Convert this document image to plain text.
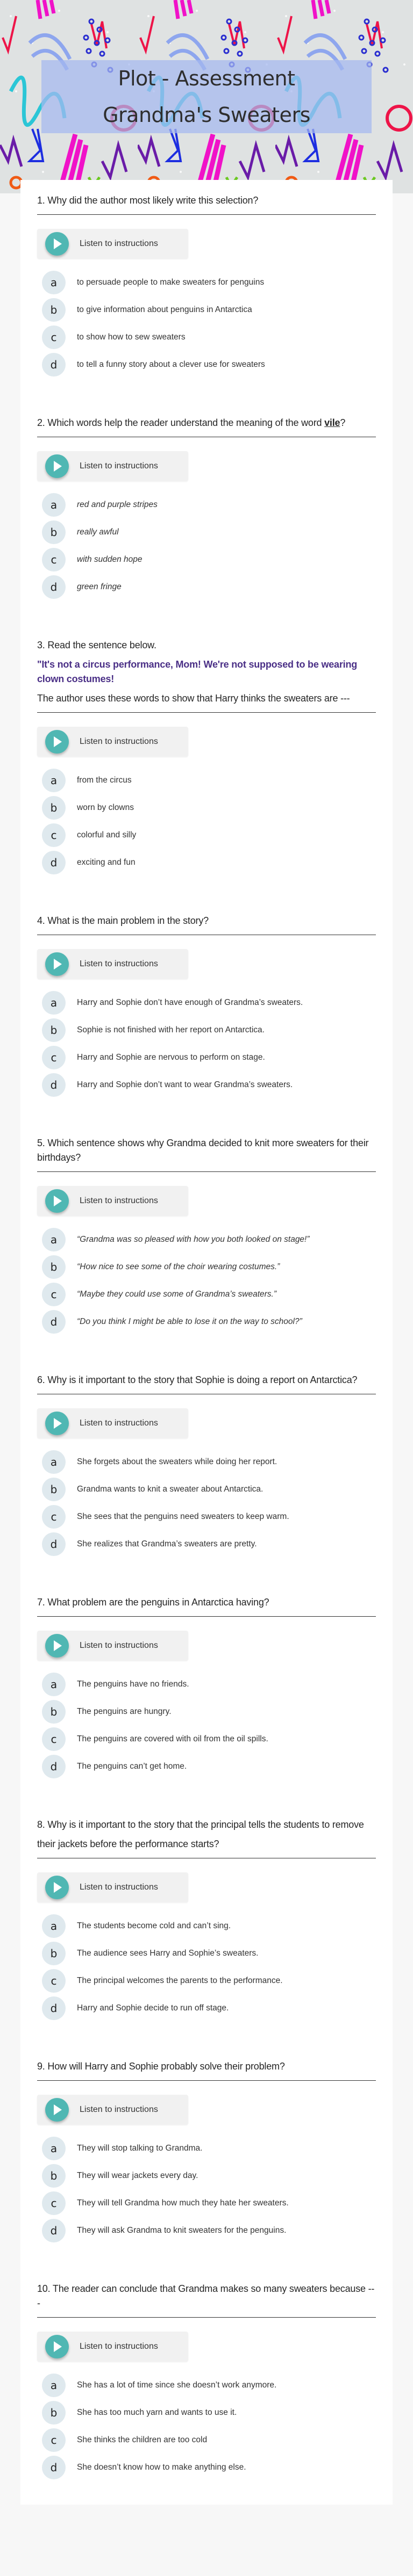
Plot - Assessment
Grandma's Sweaters

1. Why did the author most likely write this selection?

Listen to instructions
a	to persuade people to make sweaters for penguins
b	to give information about penguins in Antarctica
c	to show how to sew sweaters
d	to tell a funny story about a clever use for sweaters

2. Which words help the reader understand the meaning of the word vile?

Listen to instructions
a	red and purple stripes
b	really awful
c	with sudden hope
d	green fringe

3. Read the sentence below.

"It's not a circus performance, Mom! We're not supposed to be wearing clown costumes!

The author uses these words to show that Harry thinks the sweaters are ---

Listen to instructions
a	from the circus
b	worn by clowns
c	colorful and silly
d	exciting and fun

4. What is the main problem in the story?

Listen to instructions
a	Harry and Sophie don’t have enough of Grandma’s sweaters.
b	Sophie is not finished with her report on Antarctica.
c	Harry and Sophie are nervous to perform on stage.
d	Harry and Sophie don’t want to wear Grandma’s sweaters.

5. Which sentence shows why Grandma decided to knit more sweaters for their birthdays?

Listen to instructions
a	“Grandma was so pleased with how you both looked on stage!”
b	“How nice to see some of the choir wearing costumes.”
c	“Maybe they could use some of Grandma’s sweaters.”
d	“Do you think I might be able to lose it on the way to school?”

6. Why is it important to the story that Sophie is doing a report on Antarctica?

Listen to instructions
a	She forgets about the sweaters while doing her report.
b	Grandma wants to knit a sweater about Antarctica.
c	She sees that the penguins need sweaters to keep warm.
d	She realizes that Grandma’s sweaters are pretty.

7. What problem are the penguins in Antarctica having?

Listen to instructions
a	The penguins have no friends.
b	The penguins are hungry.
c	The penguins are covered with oil from the oil spills.
d	The penguins can’t get home.

8. Why is it important to the story that the principal tells the students to remove

their jackets before the performance starts?

Listen to instructions
a	The students become cold and can’t sing.
b	The audience sees Harry and Sophie’s sweaters.
c	The principal welcomes the parents to the performance.
d	Harry and Sophie decide to run off stage.

9. How will Harry and Sophie probably solve their problem?

Listen to instructions
a	They will stop talking to Grandma.
b	They will wear jackets every day.
c	They will tell Grandma how much they hate her sweaters.
d	They will ask Grandma to knit sweaters for the penguins.

10. The reader can conclude that Grandma makes so many sweaters because ---

Listen to instructions
a	She has a lot of time since she doesn’t work anymore.
b	She has too much yarn and wants to use it.
c	She thinks the children are too cold
d	She doesn’t know how to make anything else.
